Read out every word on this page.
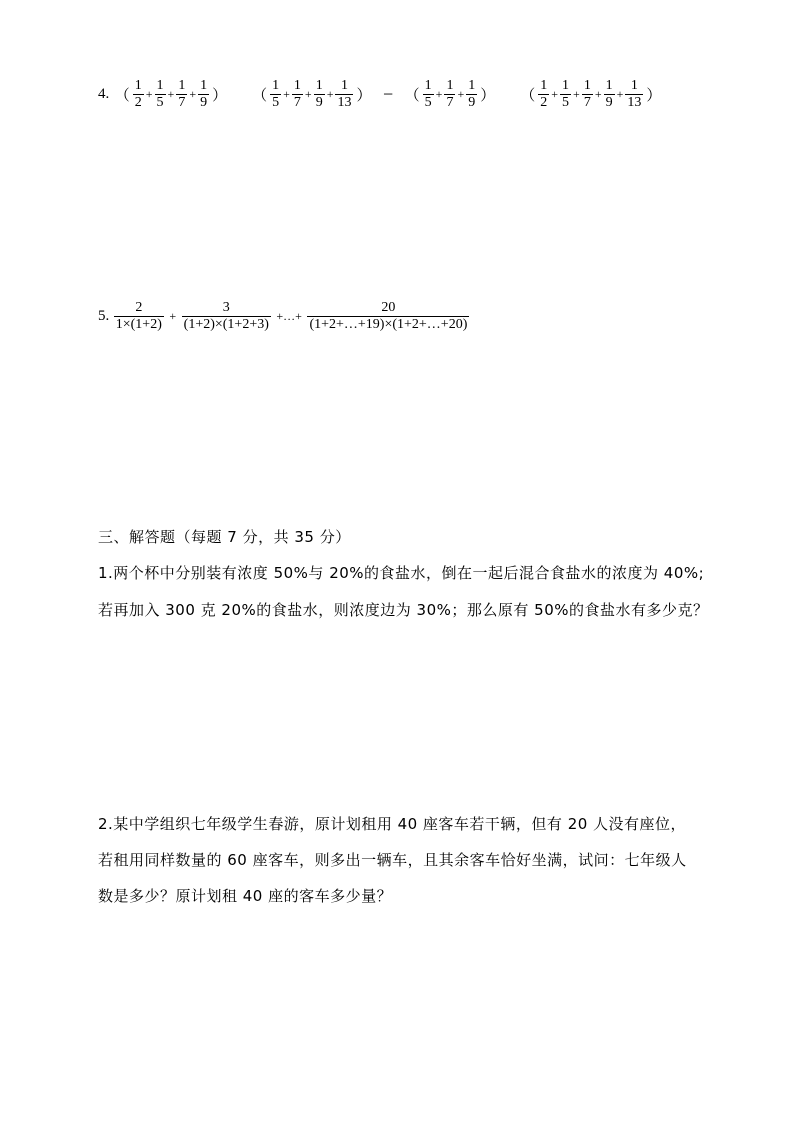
4. （ $\frac{1}{2} + \frac{1}{5} + \frac{1}{7} + \frac{1}{9}$ ） （ $\frac{1}{5} + \frac{1}{7} + \frac{1}{9} + \frac{1}{13}$ ） − （ $\frac{1}{5} + \frac{1}{7} + \frac{1}{9}$ ） （ $\frac{1}{2} + \frac{1}{5} + \frac{1}{7} + \frac{1}{9} + \frac{1}{13}$ ）
5. $\frac{2}{1\times(1+2)} + \frac{3}{(1+2)\times(1+2+3)}$ +…+ $\frac{20}{(1+2+\dots+19)\times(1+2+\dots+20)}$
三、解答题（每题 7 分，共 35 分）
1.两个杯中分别装有浓度 50%与 20%的食盐水，倒在一起后混合食盐水的浓度为 40%;
若再加入 300 克 20%的食盐水，则浓度边为 30%；那么原有 50%的食盐水有多少克？
2.某中学组织七年级学生春游，原计划租用 40 座客车若干辆，但有 20 人没有座位，
若租用同样数量的 60 座客车，则多出一辆车，且其余客车恰好坐满，试问：七年级人
数是多少？原计划租 40 座的客车多少量？
